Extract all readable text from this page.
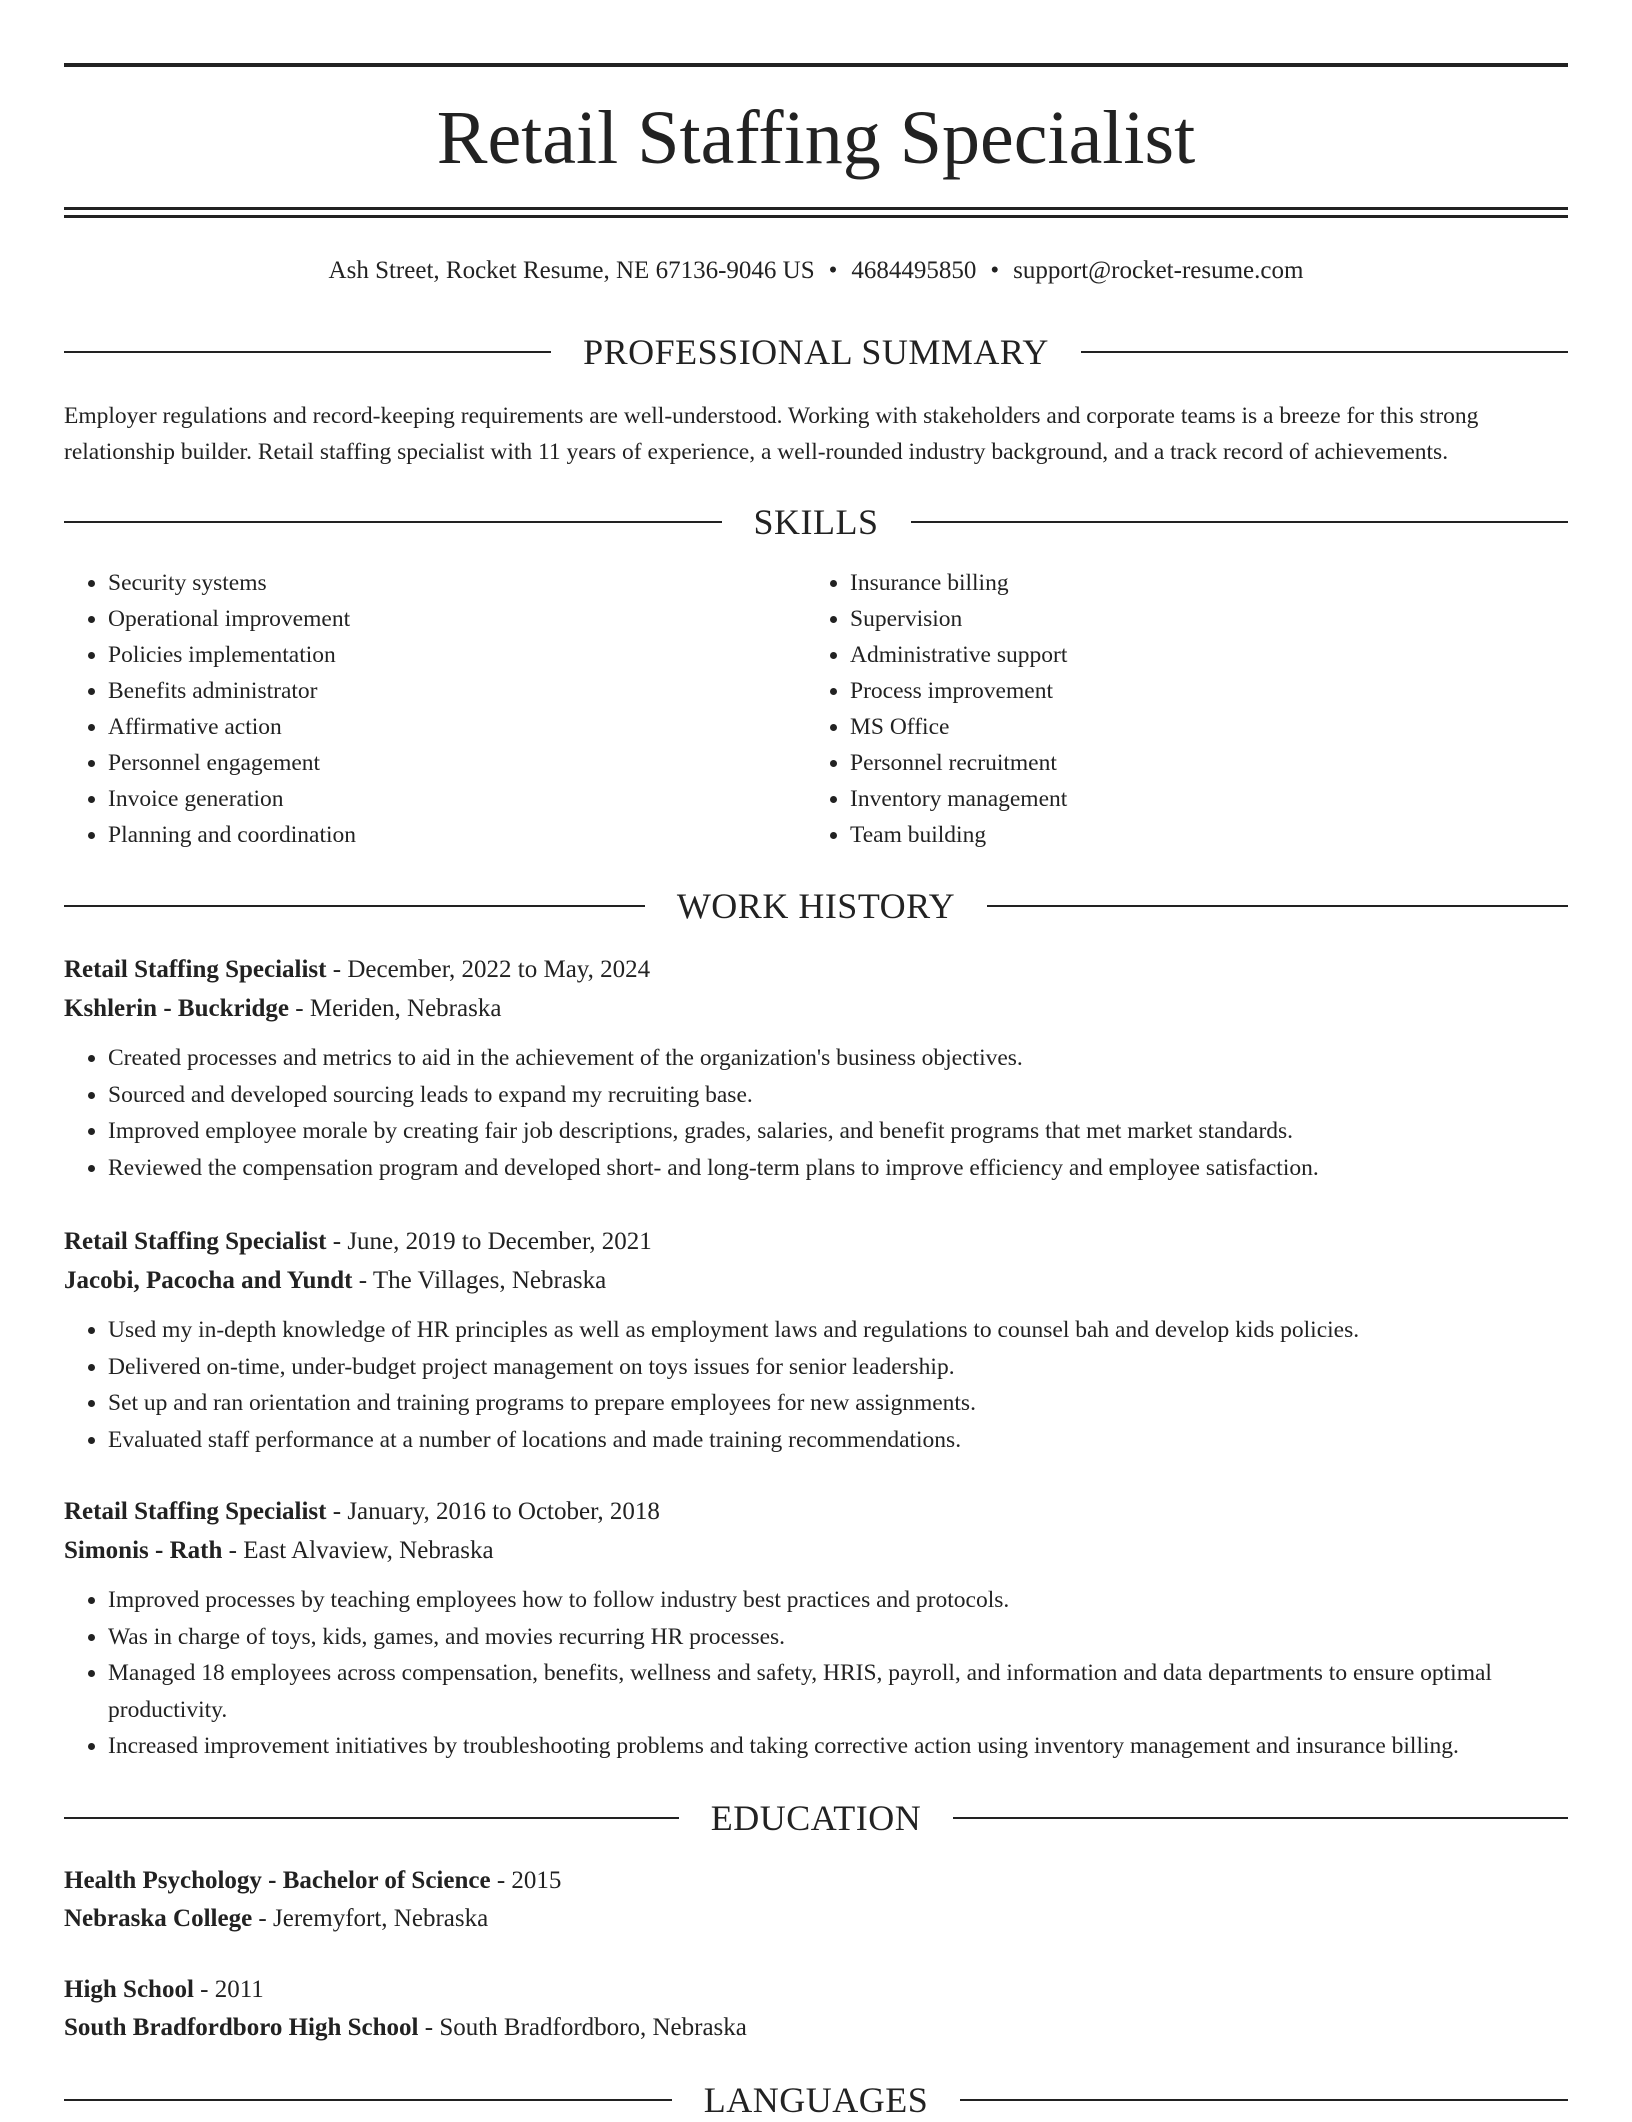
Retail Staffing Specialist
Ash Street, Rocket Resume, NE 67136-9046 US • 4684495850 • support@rocket-resume.com
PROFESSIONAL SUMMARY

Employer regulations and record-keeping requirements are well-understood. Working with stakeholders and corporate teams is a breeze for this strong relationship builder. Retail staffing specialist with 11 years of experience, a well-rounded industry background, and a track record of achievements.

SKILLS
• Security systems
• Operational improvement
• Policies implementation
• Benefits administrator
• Affirmative action
• Personnel engagement
• Invoice generation
• Planning and coordination
• Insurance billing
• Supervision
• Administrative support
• Process improvement
• MS Office
• Personnel recruitment
• Inventory management
• Team building
WORK HISTORY
Retail Staffing Specialist - December, 2022 to May, 2024
Kshlerin - Buckridge - Meriden, Nebraska
• Created processes and metrics to aid in the achievement of the organization's business objectives.
• Sourced and developed sourcing leads to expand my recruiting base.
• Improved employee morale by creating fair job descriptions, grades, salaries, and benefit programs that met market standards.
• Reviewed the compensation program and developed short- and long-term plans to improve efficiency and employee satisfaction.
Retail Staffing Specialist - June, 2019 to December, 2021
Jacobi, Pacocha and Yundt - The Villages, Nebraska
• Used my in-depth knowledge of HR principles as well as employment laws and regulations to counsel bah and develop kids policies.
• Delivered on-time, under-budget project management on toys issues for senior leadership.
• Set up and ran orientation and training programs to prepare employees for new assignments.
• Evaluated staff performance at a number of locations and made training recommendations.
Retail Staffing Specialist - January, 2016 to October, 2018
Simonis - Rath - East Alvaview, Nebraska
• Improved processes by teaching employees how to follow industry best practices and protocols.
• Was in charge of toys, kids, games, and movies recurring HR processes.
• Managed 18 employees across compensation, benefits, wellness and safety, HRIS, payroll, and information and data departments to ensure optimal productivity.
• Increased improvement initiatives by troubleshooting problems and taking corrective action using inventory management and insurance billing.
EDUCATION
Health Psychology - Bachelor of Science - 2015
Nebraska College - Jeremyfort, Nebraska
High School - 2011
South Bradfordboro High School - South Bradfordboro, Nebraska
LANGUAGES
